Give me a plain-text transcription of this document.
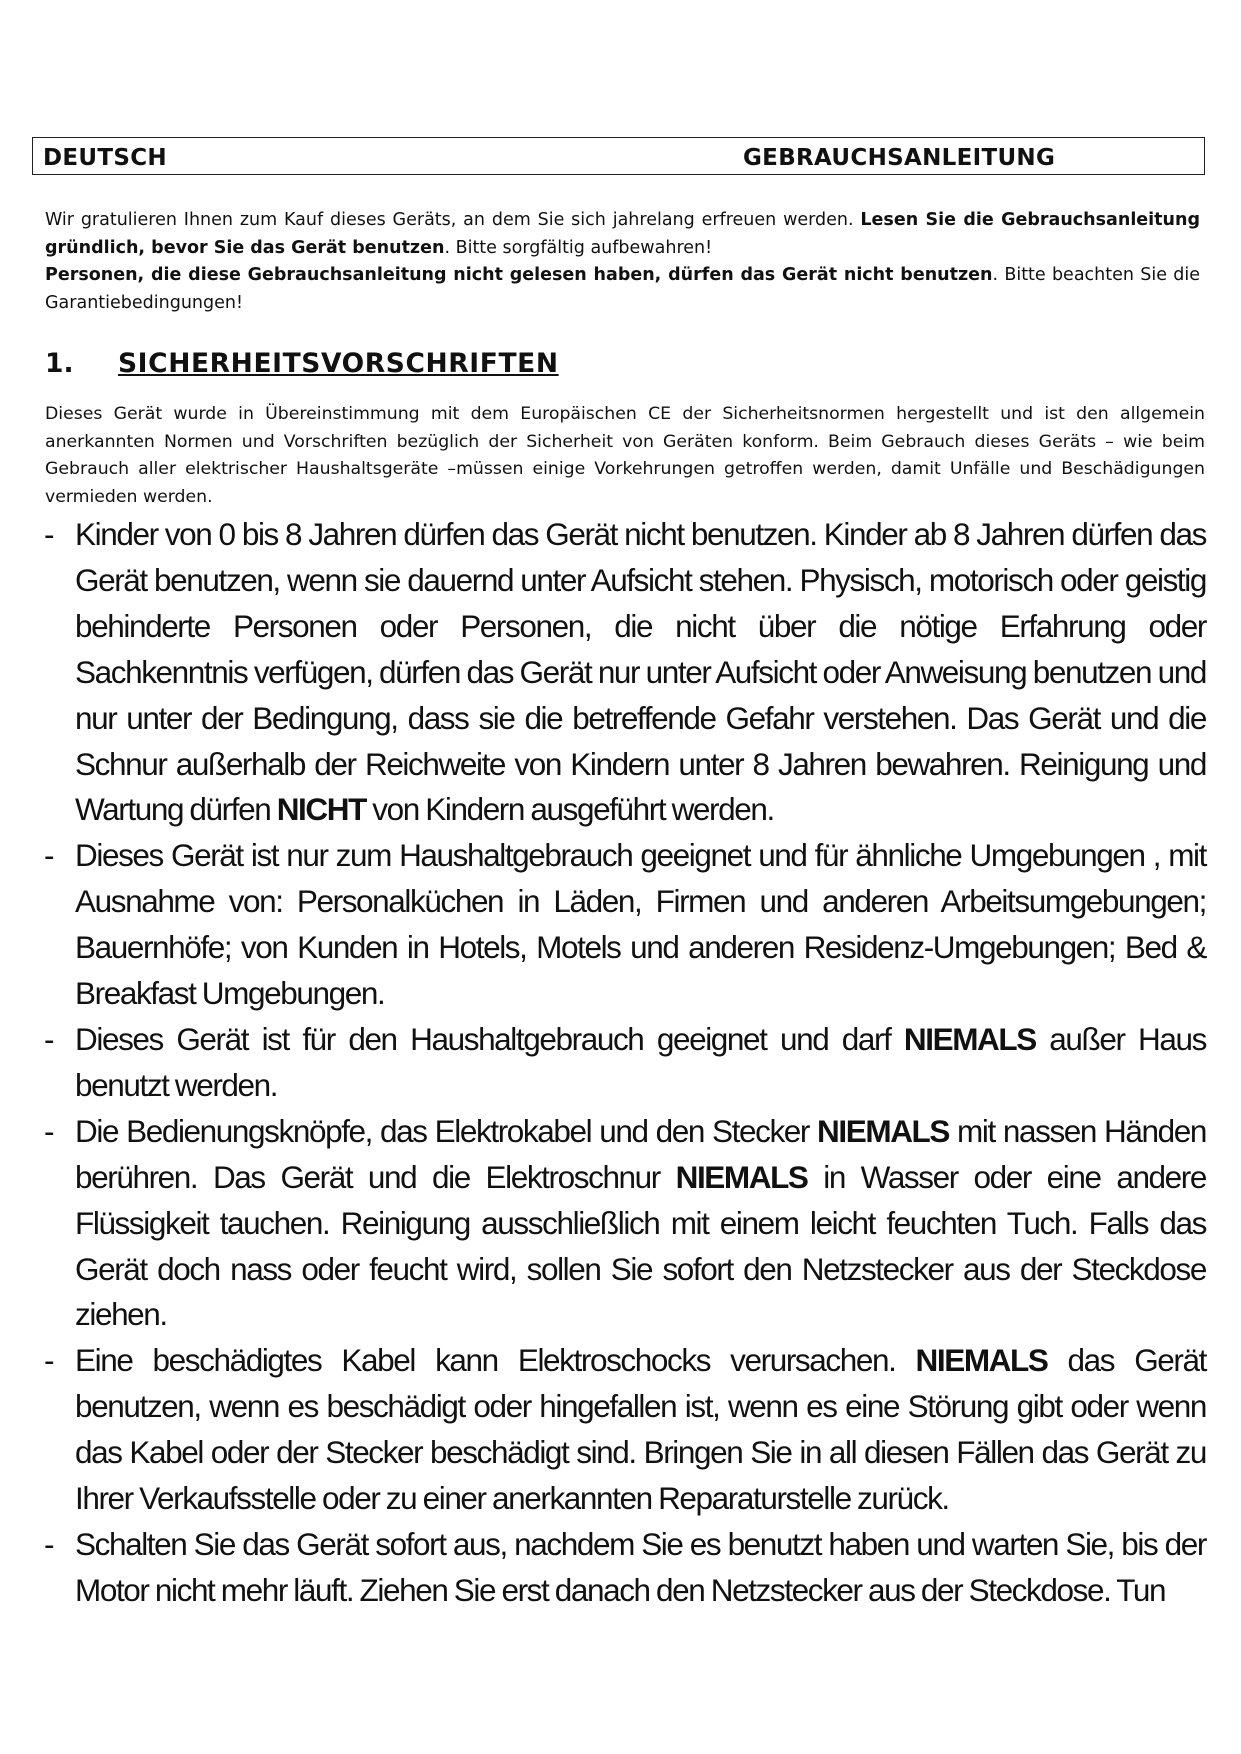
DEUTSCH	GEBRAUCHSANLEITUNG

Wir gratulieren Ihnen zum Kauf dieses Geräts, an dem Sie sich jahrelang erfreuen werden. Lesen Sie die Gebrauchsanleitung gründlich, bevor Sie das Gerät benutzen. Bitte sorgfältig aufbewahren!

Personen, die diese Gebrauchsanleitung nicht gelesen haben, dürfen das Gerät nicht benutzen. Bitte beachten Sie die Garantiebedingungen!

1. SICHERHEITSVORSCHRIFTEN
Dieses Gerät wurde in Übereinstimmung mit dem Europäischen CE der Sicherheitsnormen hergestellt und ist den allgemein anerkannten Normen und Vorschriften bezüglich der Sicherheit von Geräten konform. Beim Gebrauch dieses Geräts – wie beim Gebrauch aller elektrischer Haushaltsgeräte –müssen einige Vorkehrungen getroffen werden, damit Unfälle und Beschädigungen vermieden werden.
- Kinder von 0 bis 8 Jahren dürfen das Gerät nicht benutzen. Kinder ab 8 Jahren dürfen das Gerät benutzen, wenn sie dauernd unter Aufsicht stehen. Physisch, motorisch oder geistig behinderte Personen oder Personen, die nicht über die nötige Erfahrung oder Sachkenntnis verfügen, dürfen das Gerät nur unter Aufsicht oder Anweisung benutzen und nur unter der Bedingung, dass sie die betreffende Gefahr verstehen. Das Gerät und die Schnur außerhalb der Reichweite von Kindern unter 8 Jahren bewahren. Reinigung und Wartung dürfen NICHT von Kindern ausgeführt werden.
- Dieses Gerät ist nur zum Haushaltgebrauch geeignet und für ähnliche Umgebungen , mit Ausnahme von: Personalküchen in Läden, Firmen und anderen Arbeitsumgebungen; Bauernhöfe; von Kunden in Hotels, Motels und anderen Residenz-Umgebungen; Bed & Breakfast Umgebungen.
- Dieses Gerät ist für den Haushaltgebrauch geeignet und darf NIEMALS außer Haus benutzt werden.
- Die Bedienungsknöpfe, das Elektrokabel und den Stecker NIEMALS mit nassen Händen berühren. Das Gerät und die Elektroschnur NIEMALS in Wasser oder eine andere Flüssigkeit tauchen. Reinigung ausschließlich mit einem leicht feuchten Tuch. Falls das Gerät doch nass oder feucht wird, sollen Sie sofort den Netzstecker aus der Steckdose ziehen.
- Eine beschädigtes Kabel kann Elektroschocks verursachen. NIEMALS das Gerät benutzen, wenn es beschädigt oder hingefallen ist, wenn es eine Störung gibt oder wenn das Kabel oder der Stecker beschädigt sind. Bringen Sie in all diesen Fällen das Gerät zu Ihrer Verkaufsstelle oder zu einer anerkannten Reparaturstelle zurück.
- Schalten Sie das Gerät sofort aus, nachdem Sie es benutzt haben und warten Sie, bis der Motor nicht mehr läuft. Ziehen Sie erst danach den Netzstecker aus der Steckdose. Tun
